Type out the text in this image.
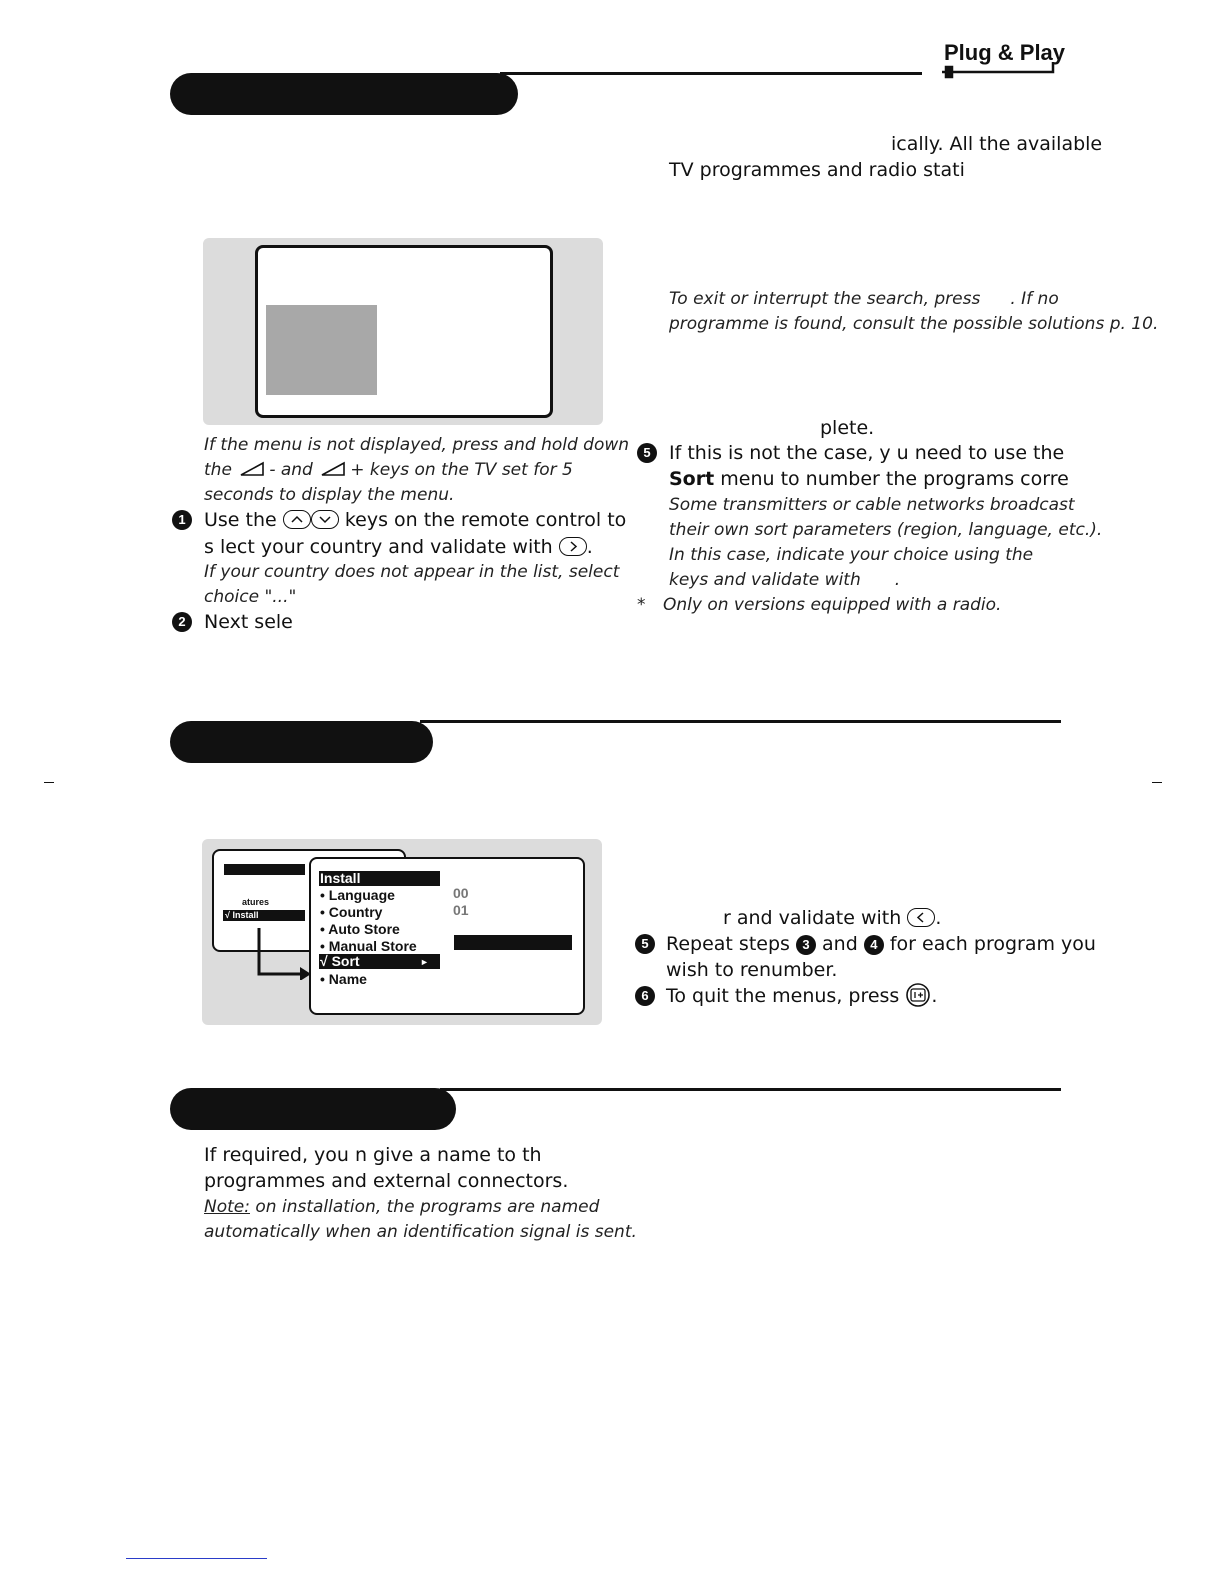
Plug & Play
ically. All the available
TV programmes and radio stati
If the menu is not displayed, press and hold down
the - and + keys on the TV set for 5
seconds to display the menu.
1 Use the	keys on the remote control to
s lect your country and validate with .
If your country does not appear in the list, select
choice "..."
2 Next sele
To exit or interrupt the search, press . If no
programme is found, consult the possible solutions p. 10.
plete.
5 If this is not the case, y u need to use the
Sort menu to number the programs corre
Some transmitters or cable networks broadcast
their own sort parameters (region, language, etc.).
In this case, indicate your choice using the
keys and validate with .
* Only on versions equipped with a radio.
atures
√ Install
Install
• Language
• Country
• Auto Store
• Manual Store
√ Sort	►
• Name
00
01	r and validate with .
5 Repeat steps 3 and 4 for each program you
wish to renumber.
6 To quit the menus, press .
If required, you n give a name to th
programmes and external connectors.
Note: on installation, the programs are named
automatically when an identification signal is sent.
